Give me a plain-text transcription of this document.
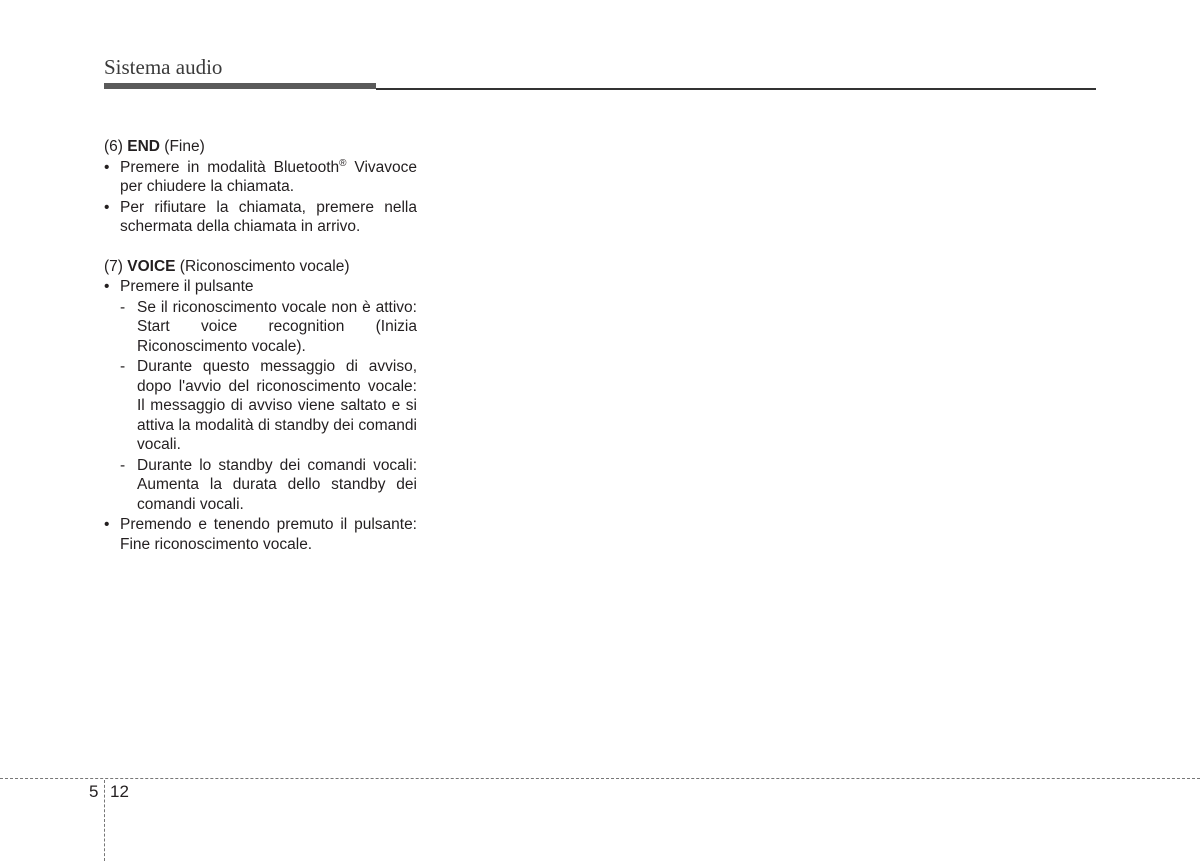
Sistema audio

(6) END (Fine)

• Premere in modalità Bluetooth® Vivavoce per chiudere la chiamata.
• Per rifiutare la chiamata, premere nella schermata della chiamata in arrivo.

(7) VOICE (Riconoscimento vocale)

• Premere il pulsante
- Se il riconoscimento vocale non è attivo: Start voice recognition (Inizia Riconoscimento vocale).
- Durante questo messaggio di avviso, dopo l'avvio del riconoscimento vocale: Il messaggio di avviso viene saltato e si attiva la modalità di standby dei comandi vocali.
- Durante lo standby dei comandi vocali: Aumenta la durata dello standby dei comandi vocali.
• Premendo e tenendo premuto il pulsante: Fine riconoscimento vocale.
5 12
